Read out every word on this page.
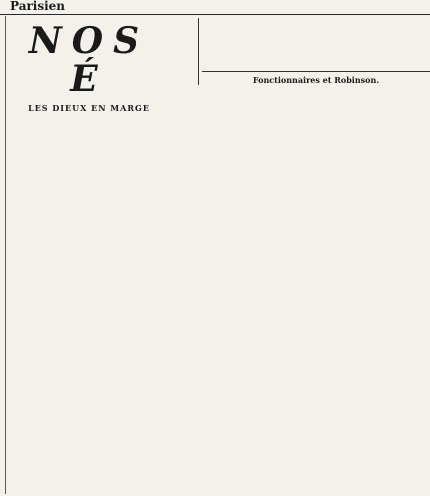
Parisien
NOS É
LES DIEUX EN MARGE

Fonctionnaires et Robinson.
